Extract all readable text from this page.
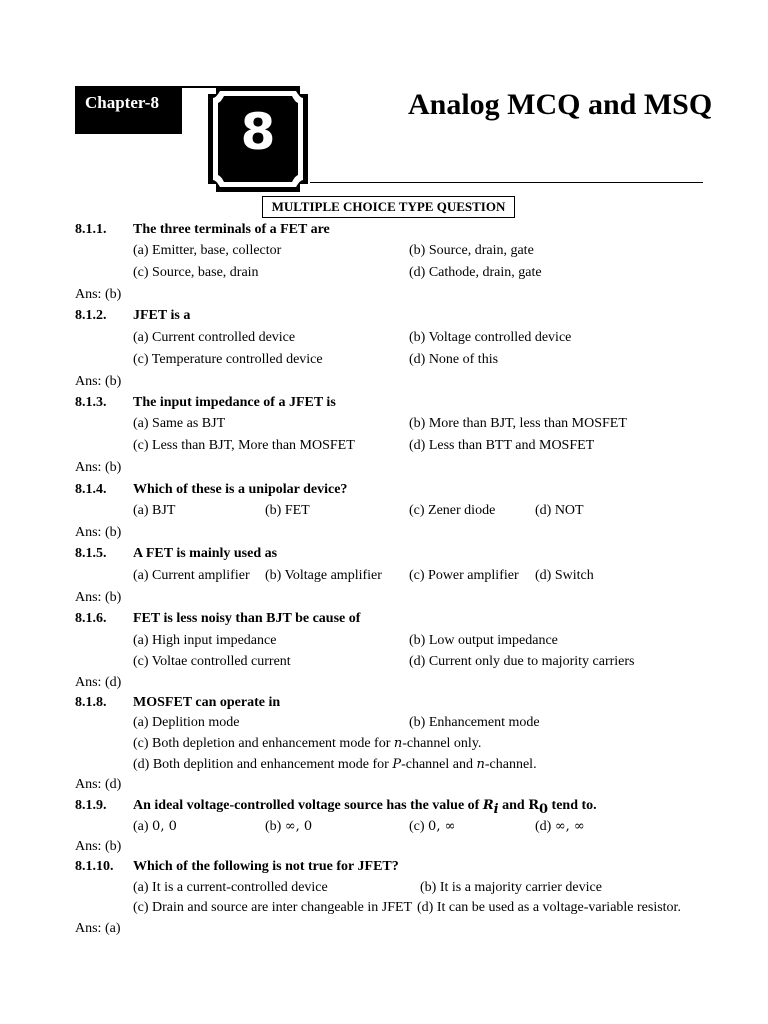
Chapter-8
8	Analog MCQ and MSQ
MULTIPLE CHOICE TYPE QUESTION
8.1.1. The three terminals of a FET are
(a) Emitter, base, collector	(b) Source, drain, gate
(c) Source, base, drain	(d) Cathode, drain, gate
Ans: (b)
8.1.2. JFET is a
(a) Current controlled device	(b) Voltage controlled device
(c) Temperature controlled device	(d) None of this
Ans: (b)
8.1.3. The input impedance of a JFET is
(a) Same as BJT	(b) More than BJT, less than MOSFET
(c) Less than BJT, More than MOSFET	(d) Less than BTT and MOSFET
Ans: (b)
8.1.4. Which of these is a unipolar device?
(a) BJT	(b) FET	(c) Zener diode	(d) NOT
Ans: (b)
8.1.5. A FET is mainly used as
(a) Current amplifier (b) Voltage amplifier (c) Power amplifier (d) Switch
Ans: (b)
8.1.6. FET is less noisy than BJT be cause of
(a) High input impedance	(b) Low output impedance
(c) Voltae controlled current	(d) Current only due to majority carriers
Ans: (d)
8.1.8. MOSFET can operate in
(a) Deplition mode	(b) Enhancement mode
(c) Both depletion and enhancement mode for n-channel only.
(d) Both deplition and enhancement mode for P-channel and n-channel.
Ans: (d)
8.1.9. An ideal voltage-controlled voltage source has the value of $R_i$ and $R_0$ tend to.
(a) 0, 0	(b) ∞, 0	(c) 0, ∞	(d) ∞, ∞
Ans: (b)
8.1.10. Which of the following is not true for JFET?
(a) It is a current-controlled device	(b) It is a majority carrier device
(c) Drain and source are inter changeable in JFET (d) It can be used as a voltage-variable resistor.
Ans: (a)
